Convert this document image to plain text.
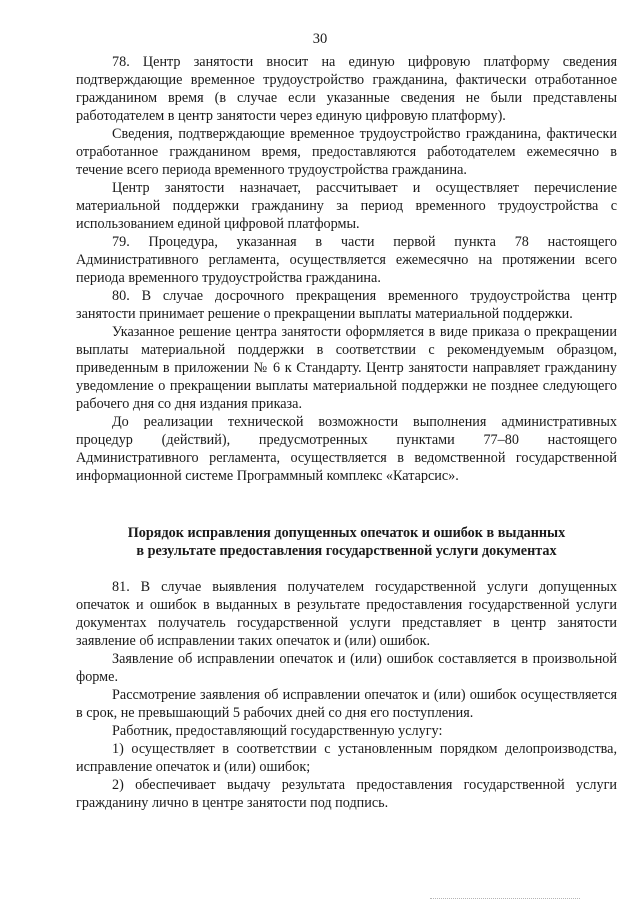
30

78. Центр занятости вносит на единую цифровую платформу сведения подтверждающие временное трудоустройство гражданина, фактически отработанное гражданином время (в случае если указанные сведения не были представлены работодателем в центр занятости через единую цифровую платформу).

Сведения, подтверждающие временное трудоустройство гражданина, фактически отработанное гражданином время, предоставляются работодателем ежемесячно в течение всего периода временного трудоустройства гражданина.

Центр занятости назначает, рассчитывает и осуществляет перечисление материальной поддержки гражданину за период временного трудоустройства с использованием единой цифровой платформы.

79. Процедура, указанная в части первой пункта 78 настоящего Административного регламента, осуществляется ежемесячно на протяжении всего периода временного трудоустройства гражданина.

80. В случае досрочного прекращения временного трудоустройства центр занятости принимает решение о прекращении выплаты материальной поддержки.

Указанное решение центра занятости оформляется в виде приказа о прекращении выплаты материальной поддержки в соответствии с рекомендуемым образцом, приведенным в приложении № 6 к Стандарту. Центр занятости направляет гражданину уведомление о прекращении выплаты материальной поддержки не позднее следующего рабочего дня со дня издания приказа.

До реализации технической возможности выполнения административных процедур (действий), предусмотренных пунктами 77–80 настоящего Административного регламента, осуществляется в ведомственной государственной информационной системе Программный комплекс «Катарсис».

Порядок исправления допущенных опечаток и ошибок в выданных
в результате предоставления государственной услуги документах

81. В случае выявления получателем государственной услуги допущенных опечаток и ошибок в выданных в результате предоставления государственной услуги документах получатель государственной услуги представляет в центр занятости заявление об исправлении таких опечаток и (или) ошибок.

Заявление об исправлении опечаток и (или) ошибок составляется в произвольной форме.

Рассмотрение заявления об исправлении опечаток и (или) ошибок осуществляется в срок, не превышающий 5 рабочих дней со дня его поступления.

Работник, предоставляющий государственную услугу:

1) осуществляет в соответствии с установленным порядком делопроизводства, исправление опечаток и (или) ошибок;

2) обеспечивает выдачу результата предоставления государственной услуги гражданину лично в центре занятости под подпись.
